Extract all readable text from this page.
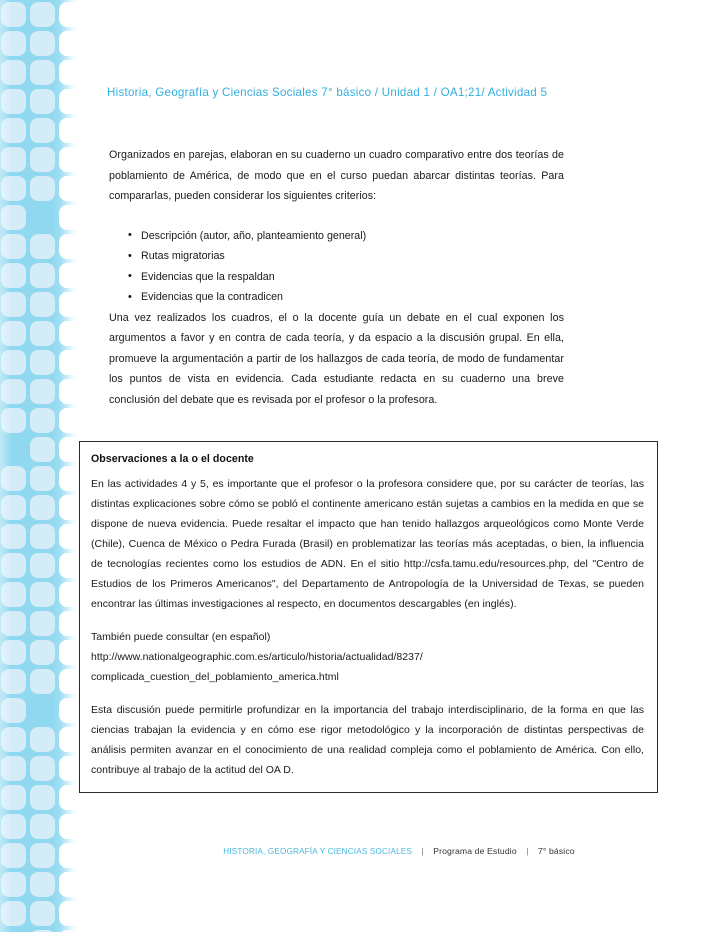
Historia, Geografía y Ciencias Sociales 7° básico / Unidad 1 / OA1;21/ Actividad 5

Organizados en parejas, elaboran en su cuaderno un cuadro comparativo entre dos teorías de poblamiento de América, de modo que en el curso puedan abarcar distintas teorías. Para compararlas, pueden considerar los siguientes criterios:

• Descripción (autor, año, planteamiento general)
• Rutas migratorias
• Evidencias que la respaldan
• Evidencias que la contradicen

Una vez realizados los cuadros, el o la docente guía un debate en el cual exponen los argumentos a favor y en contra de cada teoría, y da espacio a la discusión grupal. En ella, promueve la argumentación a partir de los hallazgos de cada teoría, de modo de fundamentar los puntos de vista en evidencia. Cada estudiante redacta en su cuaderno una breve conclusión del debate que es revisada por el profesor o la profesora.

Observaciones a la o el docente

En las actividades 4 y 5, es importante que el profesor o la profesora considere que, por su carácter de teorías, las distintas explicaciones sobre cómo se pobló el continente americano están sujetas a cambios en la medida en que se dispone de nueva evidencia. Puede resaltar el impacto que han tenido hallazgos arqueológicos como Monte Verde (Chile), Cuenca de México o Pedra Furada (Brasil) en problematizar las teorías más aceptadas, o bien, la influencia de tecnologías recientes como los estudios de ADN. En el sitio http://csfa.tamu.edu/resources.php, del "Centro de Estudios de los Primeros Americanos", del Departamento de Antropología de la Universidad de Texas, se pueden encontrar las últimas investigaciones al respecto, en documentos descargables (en inglés).

También puede consultar (en español)
http://www.nationalgeographic.com.es/articulo/historia/actualidad/8237/
complicada_cuestion_del_poblamiento_america.html

Esta discusión puede permitirle profundizar en la importancia del trabajo interdisciplinario, de la forma en que las ciencias trabajan la evidencia y en cómo ese rigor metodológico y la incorporación de distintas perspectivas de análisis permiten avanzar en el conocimiento de una realidad compleja como el poblamiento de América. Con ello, contribuye al trabajo de la actitud del OA D.

HISTORIA, GEOGRAFÍA Y CIENCIAS SOCIALES | Programa de Estudio | 7° básico
